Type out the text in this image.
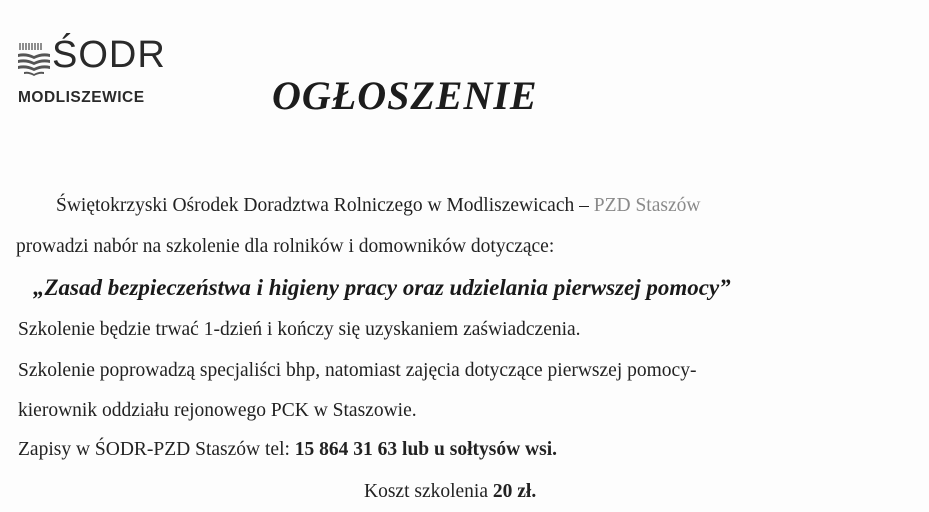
ŚODR
MODLISZEWICE	OGŁOSZENIE
Świętokrzyski Ośrodek Doradztwa Rolniczego w Modliszewicach – PZD Staszów
prowadzi nabór na szkolenie dla rolników i domowników dotyczące:
„Zasad bezpieczeństwa i higieny pracy oraz udzielania pierwszej pomocy”
Szkolenie będzie trwać 1-dzień i kończy się uzyskaniem zaświadczenia.
Szkolenie poprowadzą specjaliści bhp, natomiast zajęcia dotyczące pierwszej pomocy-
kierownik oddziału rejonowego PCK w Staszowie.
Zapisy w ŚODR-PZD Staszów tel: 15 864 31 63 lub u sołtysów wsi.
Koszt szkolenia 20 zł.
